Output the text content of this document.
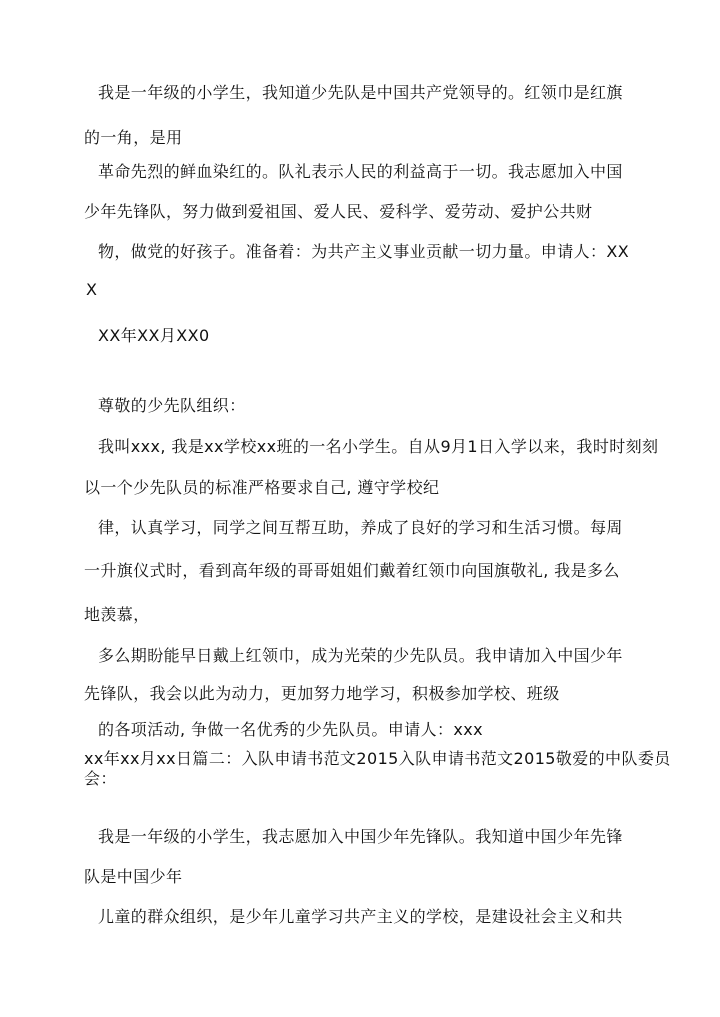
我是一年级的小学生，我知道少先队是中国共产党领导的。红领巾是红旗
的一角，是用
革命先烈的鲜血染红的。队礼表示人民的利益高于一切。我志愿加入中国
少年先锋队，努力做到爱祖国、爱人民、爱科学、爱劳动、爱护公共财
物，做党的好孩子。准备着：为共产主义事业贡献一切力量。申请人：XX
X
XX年XX月XX0
尊敬的少先队组织：
我叫xxx, 我是xx学校xx班的一名小学生。自从9月1日入学以来，我时时刻刻
以一个少先队员的标准严格要求自己, 遵守学校纪
律，认真学习，同学之间互帮互助，养成了良好的学习和生活习惯。每周
一升旗仪式时，看到高年级的哥哥姐姐们戴着红领巾向国旗敬礼, 我是多么
地羡慕，
多么期盼能早日戴上红领巾，成为光荣的少先队员。我申请加入中国少年
先锋队，我会以此为动力，更加努力地学习，积极参加学校、班级
的各项活动, 争做一名优秀的少先队员。申请人：xxx
xx年xx月xx日篇二：入队申请书范文2015入队申请书范文2015敬爱的中队委员
会：
我是一年级的小学生，我志愿加入中国少年先锋队。我知道中国少年先锋
队是中国少年
儿童的群众组织，是少年儿童学习共产主义的学校，是建设社会主义和共
